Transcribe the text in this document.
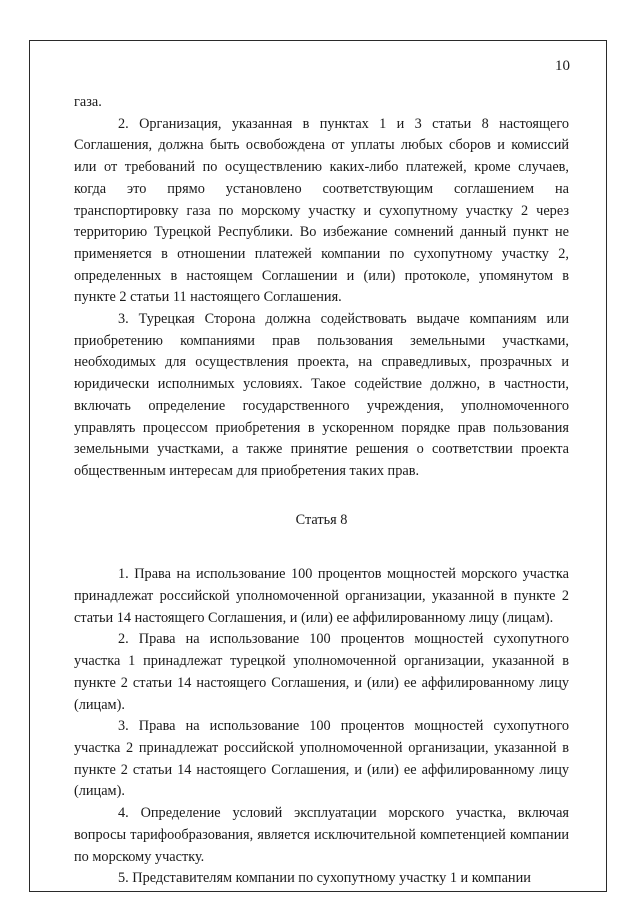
10

газа.

2. Организация, указанная в пунктах 1 и 3 статьи 8 настоящего Соглашения, должна быть освобождена от уплаты любых сборов и комиссий или от требований по осуществлению каких-либо платежей, кроме случаев, когда это прямо установлено соответствующим соглашением на транспортировку газа по морскому участку и сухопутному участку 2 через территорию Турецкой Республики. Во избежание сомнений данный пункт не применяется в отношении платежей компании по сухопутному участку 2, определенных в настоящем Соглашении и (или) протоколе, упомянутом в пункте 2 статьи 11 настоящего Соглашения.

3. Турецкая Сторона должна содействовать выдаче компаниям или приобретению компаниями прав пользования земельными участками, необходимых для осуществления проекта, на справедливых, прозрачных и юридически исполнимых условиях. Такое содействие должно, в частности, включать определение государственного учреждения, уполномоченного управлять процессом приобретения в ускоренном порядке прав пользования земельными участками, а также принятие решения о соответствии проекта общественным интересам для приобретения таких прав.

Статья 8

1. Права на использование 100 процентов мощностей морского участка принадлежат российской уполномоченной организации, указанной в пункте 2 статьи 14 настоящего Соглашения, и (или) ее аффилированному лицу (лицам).

2. Права на использование 100 процентов мощностей сухопутного участка 1 принадлежат турецкой уполномоченной организации, указанной в пункте 2 статьи 14 настоящего Соглашения, и (или) ее аффилированному лицу (лицам).

3. Права на использование 100 процентов мощностей сухопутного участка 2 принадлежат российской уполномоченной организации, указанной в пункте 2 статьи 14 настоящего Соглашения, и (или) ее аффилированному лицу (лицам).

4. Определение условий эксплуатации морского участка, включая вопросы тарифообразования, является исключительной компетенцией компании по морскому участку.

5. Представителям компании по сухопутному участку 1 и компании
